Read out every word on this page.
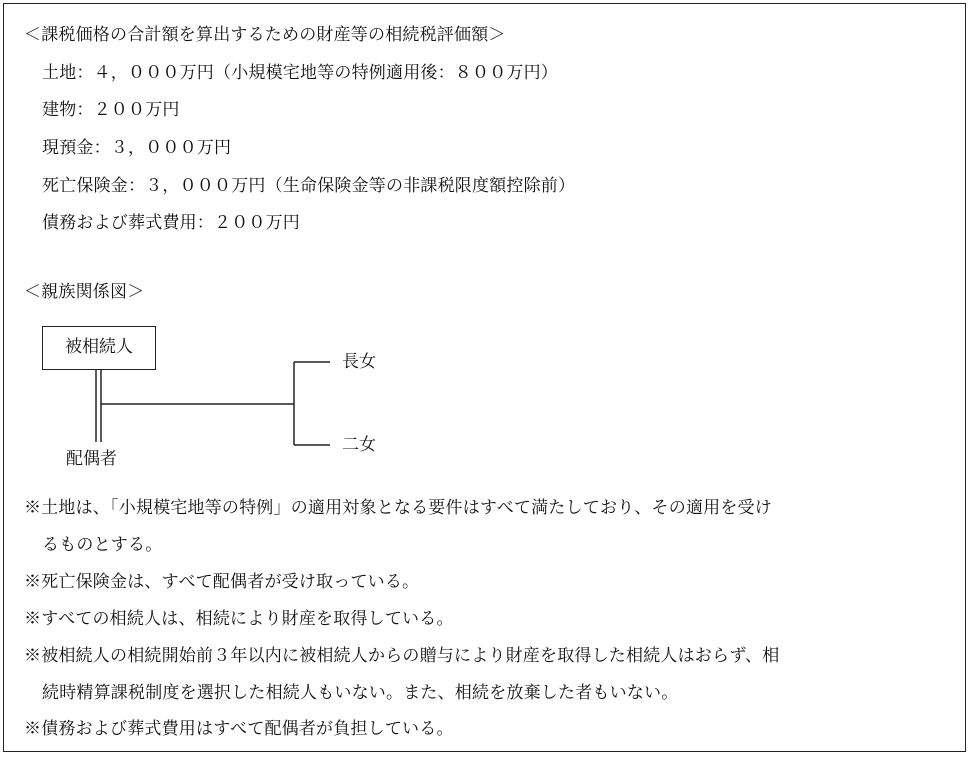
＜課税価格の合計額を算出するための財産等の相続税評価額＞
土地：４，０００万円（小規模宅地等の特例適用後：８００万円）
建物：２００万円
現預金：３，０００万円
死亡保険金：３，０００万円（生命保険金等の非課税限度額控除前）
債務および葬式費用：２００万円
＜親族関係図＞
被相続人
配偶者
長女
二女
※土地は、「小規模宅地等の特例」の適用対象となる要件はすべて満たしており、その適用を受け
るものとする。
※死亡保険金は、すべて配偶者が受け取っている。
※すべての相続人は、相続により財産を取得している。
※被相続人の相続開始前３年以内に被相続人からの贈与により財産を取得した相続人はおらず、相
続時精算課税制度を選択した相続人もいない。また、相続を放棄した者もいない。
※債務および葬式費用はすべて配偶者が負担している。
